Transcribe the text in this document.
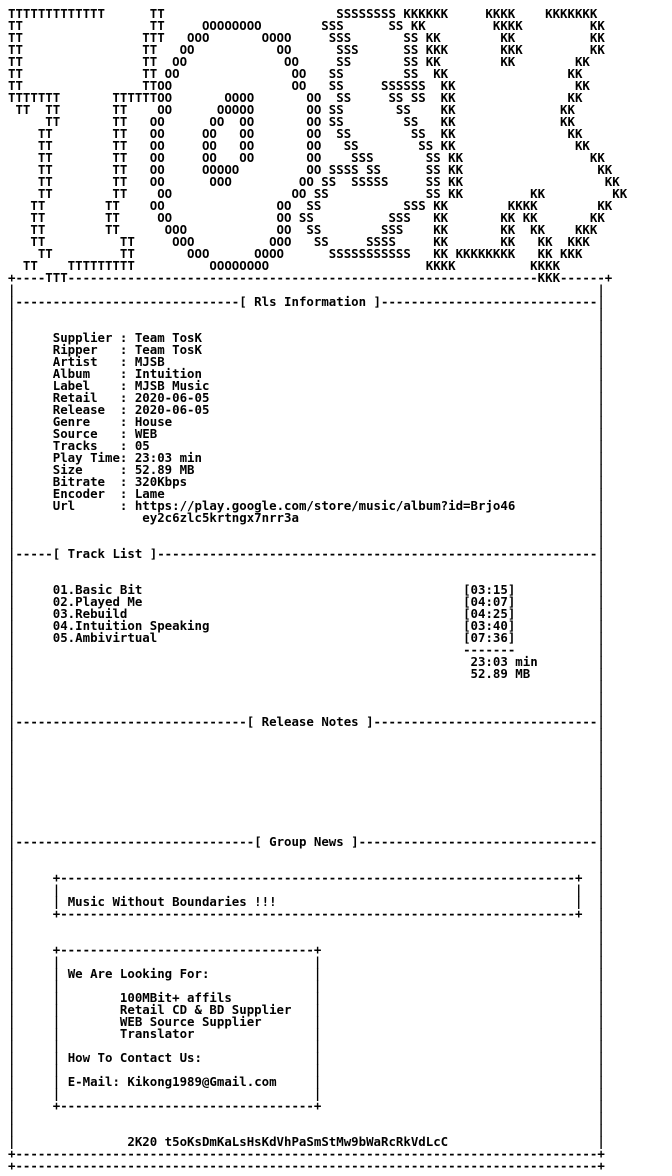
TTTTTTTTTTTTT      TT                       SSSSSSSS KKKKKK     KKKK    KKKKKKK
TT                 TT     OOOOOOOO        SSS      SS KK         KKKK         KK
TT                TTT   OOO       OOOO     SSS       SS KK        KK          KK
TT                TT   OO           OO      SSS      SS KKK       KKK         KK
TT                TT  OO             OO     SS       SS KK        KK        KK
TT                TT OO               OO   SS        SS  KK                KK
TT                TTOO                OO   SS     SSSSSS  KK                KK
TTTTTTT       TTTTTTOO       OOOO       OO  SS     SS SS  KK               KK
TT  TT       TT    OO      OOOOO       OO SS       SS    KK              KK
TT       TT   OO      OO  OO       OO SS        SS   KK              KK
TT        TT   OO     OO   OO       OO  SS        SS  KK               KK
TT        TT   OO     OO   OO       OO   SS        SS KK                KK
TT        TT   OO     OO   OO       OO    SSS       SS KK                 KK
TT        TT   OO     OOOOO         OO SSSS SS      SS KK                  KK
TT        TT   OO      OOO         OO SS  SSSSS     SS KK                   KK
TT        TT    OO                OO SS             SS KK         KK         KK
TT        TT    OO               OO  SS           SSS KK        KKKK        KK
TT        TT     OO              OO SS          SSS   KK       KK KK       KK
TT        TT      OOO            OO  SS        SSS    KK       KK  KK    KKK
TT          TT     OOO          OOO   SS     SSSS     KK       KK   KK  KKK
TT         TT       OOO      OOOO      SSSSSSSSSSS   KK KKKKKKKK   KK KKK
TT    TTTTTTTTT          OOOOOOOO                     KKKK          KKKK
+----TTT---------------------------------------------------------------KKK------+
|                                                                              |
|------------------------------[ Rls Information ]-----------------------------|
|                                                                              |
|                                                                              |
|     Supplier : Team TosK                                                     |
|     Ripper   : Team TosK                                                     |
|     Artist   : MJSB                                                          |
|     Album    : Intuition                                                     |
|     Label    : MJSB Music                                                    |
|     Retail   : 2020-06-05                                                    |
|     Release  : 2020-06-05                                                    |
|     Genre    : House                                                         |
|     Source   : WEB                                                           |
|     Tracks   : 05                                                            |
|     Play Time: 23:03 min                                                     |
|     Size     : 52.89 MB                                                      |
|     Bitrate  : 320Kbps                                                       |
|     Encoder  : Lame                                                          |
|     Url      : https://play.google.com/store/music/album?id=Brjo46           |
|                 ey2c6zlc5krtngx7nrr3a                                        |
|                                                                              |
|                                                                              |
|-----[ Track List ]-----------------------------------------------------------|
|                                                                              |
|                                                                              |
|     01.Basic Bit	[03:15]           |
|     02.Played Me	[04:07]           |
|     03.Rebuild	[04:25]           |
|     04.Intuition Speaking	[03:40]           |
|     05.Ambivirtual	[07:36]           |
|                                                            -------           |
|                                                             23:03 min        |
|                                                             52.89 MB         |
|                                                                              |
|                                                                              |
|                                                                              |
|-------------------------------[ Release Notes ]------------------------------|
|                                                                              |
|                                                                              |
|                                                                              |
|                                                                              |
|                                                                              |
|                                                                              |
|                                                                              |
|                                                                              |
|                                                                              |
|--------------------------------[ Group News ]--------------------------------|
|                                                                              |
|                                                                              |
|     +---------------------------------------------------------------------+  |
|     |                                                                     |  |
|     | Music Without Boundaries !!!                                        |  |
|     +---------------------------------------------------------------------+  |
|                                                                              |
|                                                                              |
|     +----------------------------------+                                     |
|     |                                  |                                     |
|     | We Are Looking For:              |                                     |
|     |                                  |                                     |
|     |	100MBit+ affils           |                                     |
|     |	Retail CD & BD Supplier   |                                     |
|     |	WEB Source Supplier       |                                     |
|     |	Translator                |                                     |
|     |                                  |                                     |
|     | How To Contact Us:               |                                     |
|     |                                  |                                     |
|     | E-Mail: Kikong1989@Gmail.com     |                                     |
|     |                                  |                                     |
|     +----------------------------------+                                     |
|                                                                              |
|                                                                              |
|               2K20 t5oKsDmKaLsHsKdVhPaSmStMw9bWaRcRkVdLcC                    |
+------------------------------------------------------------------------------+
+------------------------------------------------------------------------------+
